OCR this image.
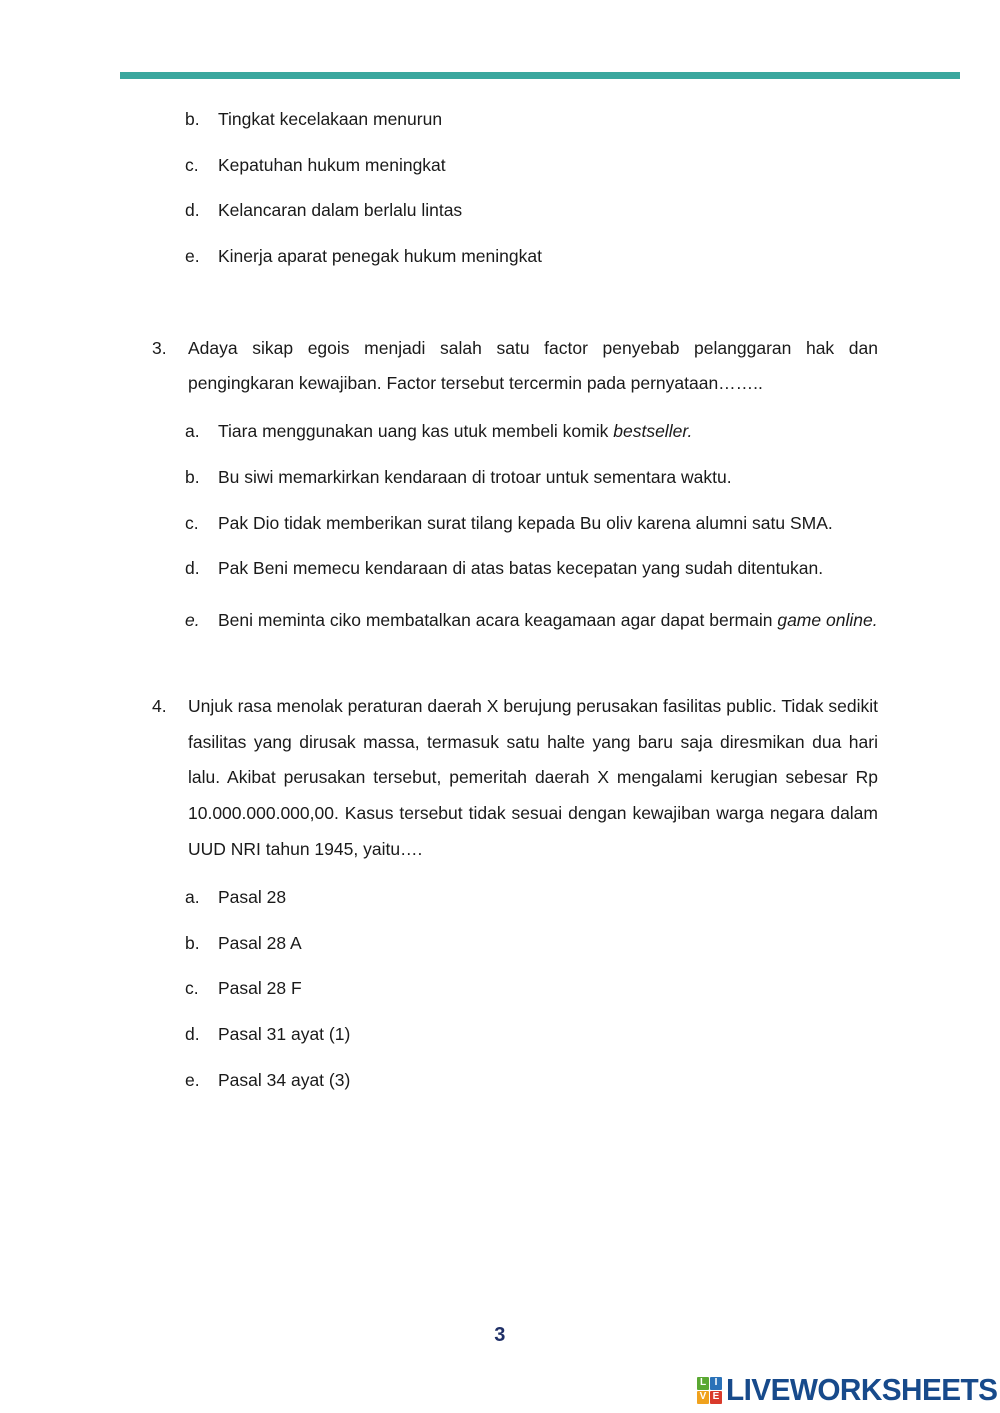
b.	Tingkat kecelakaan menurun
c.	Kepatuhan hukum meningkat
d.	Kelancaran dalam berlalu lintas
e.	Kinerja aparat penegak hukum meningkat
3.	Adaya sikap egois menjadi salah satu factor penyebab pelanggaran hak dan pengingkaran kewajiban. Factor tersebut tercermin pada pernyataan……..

a.	Tiara menggunakan uang kas utuk membeli komik bestseller.
b.	Bu siwi memarkirkan kendaraan di trotoar untuk sementara waktu.
c.	Pak Dio tidak memberikan surat tilang kepada Bu oliv karena alumni satu SMA.
d.	Pak Beni memecu kendaraan di atas batas kecepatan yang sudah ditentukan.
e.	Beni meminta ciko membatalkan acara keagamaan agar dapat bermain game online.
4.	Unjuk rasa menolak peraturan daerah X berujung perusakan fasilitas public. Tidak sedikit fasilitas yang dirusak massa, termasuk satu halte yang baru saja diresmikan dua hari lalu. Akibat perusakan tersebut, pemeritah daerah X mengalami kerugian sebesar Rp 10.000.000.000,00. Kasus tersebut tidak sesuai dengan kewajiban warga negara dalam UUD NRI tahun 1945, yaitu….

a.	Pasal 28
b.	Pasal 28 A
c.	Pasal 28 F
d.	Pasal 31 ayat (1)
e.	Pasal 34 ayat (3)
3
L I
V E LIVEWORKSHEETS
